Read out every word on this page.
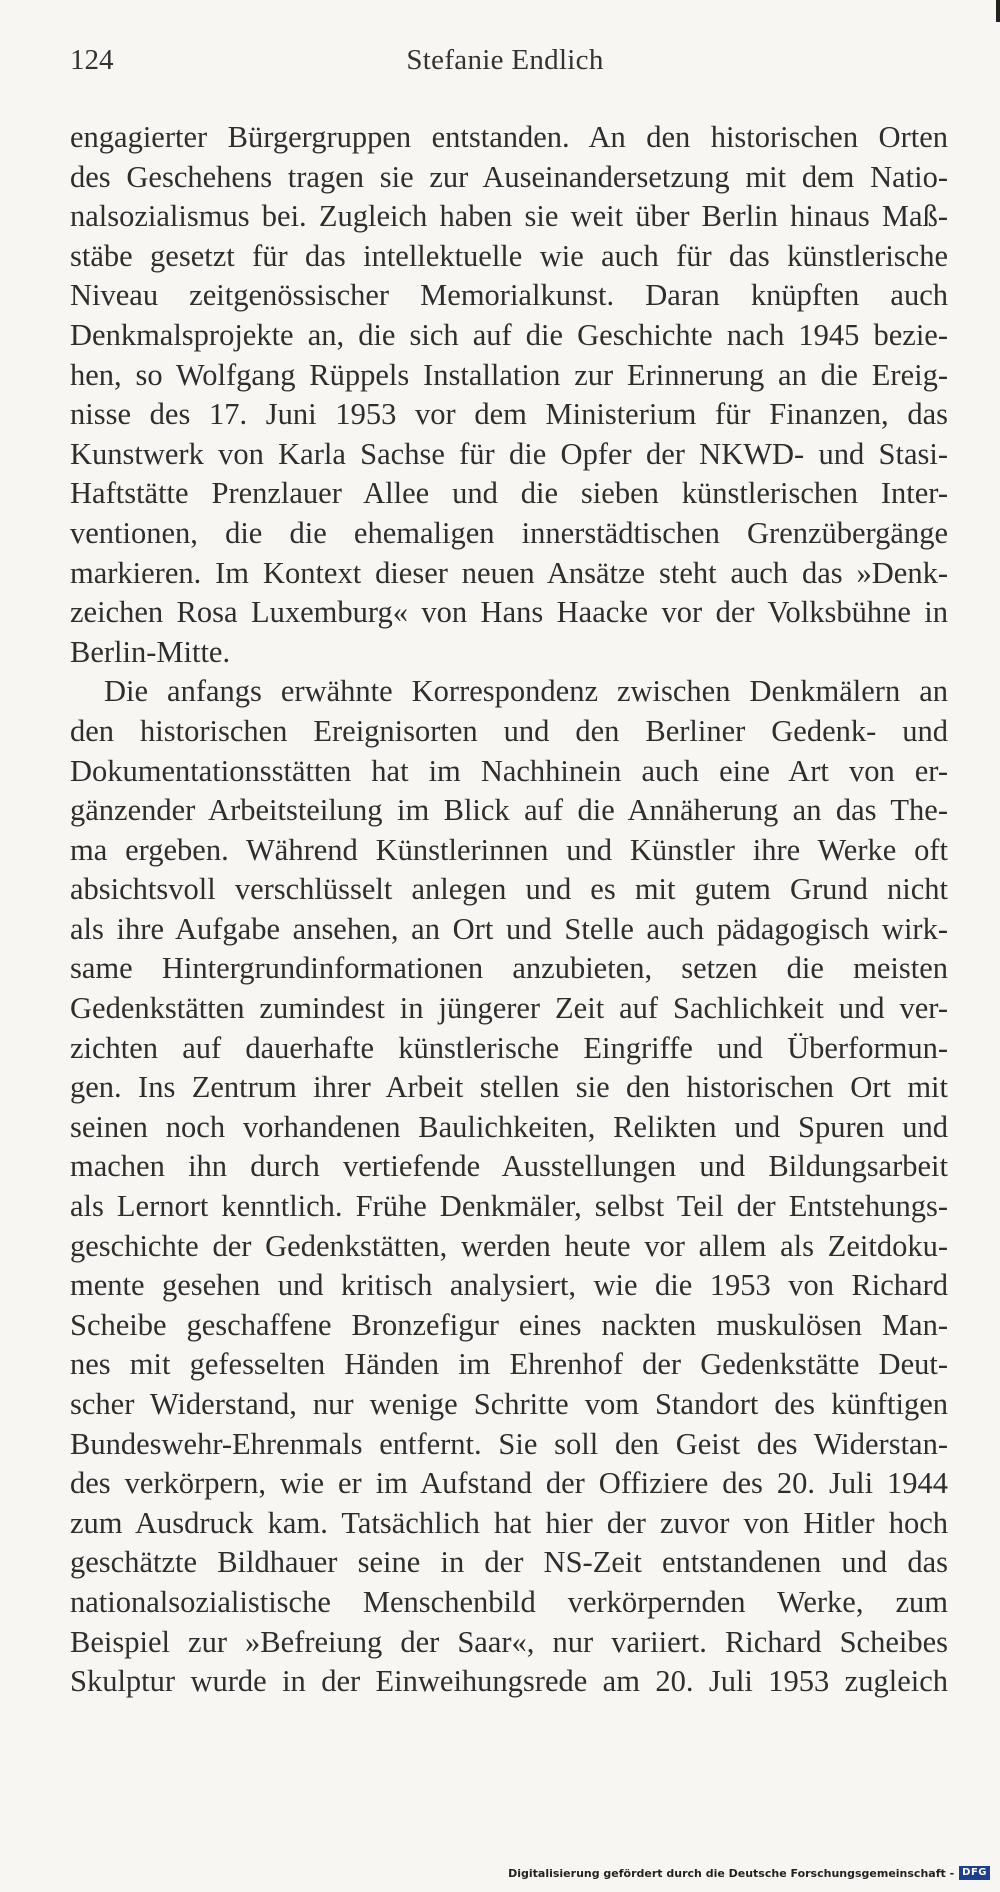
124	Stefanie Endlich
engagierter Bürgergruppen entstanden. An den historischen Orten
des Geschehens tragen sie zur Auseinandersetzung mit dem Natio-
nalsozialismus bei. Zugleich haben sie weit über Berlin hinaus Maß-
stäbe gesetzt für das intellektuelle wie auch für das künstlerische
Niveau zeitgenössischer Memorialkunst. Daran knüpften auch
Denkmalsprojekte an, die sich auf die Geschichte nach 1945 bezie-
hen, so Wolfgang Rüppels Installation zur Erinnerung an die Ereig-
nisse des 17. Juni 1953 vor dem Ministerium für Finanzen, das
Kunstwerk von Karla Sachse für die Opfer der NKWD- und Stasi-
Haftstätte Prenzlauer Allee und die sieben künstlerischen Inter-
ventionen, die die ehemaligen innerstädtischen Grenzübergänge
markieren. Im Kontext dieser neuen Ansätze steht auch das »Denk-
zeichen Rosa Luxemburg« von Hans Haacke vor der Volksbühne in
Berlin-Mitte.
Die anfangs erwähnte Korrespondenz zwischen Denkmälern an
den historischen Ereignisorten und den Berliner Gedenk- und
Dokumentationsstätten hat im Nachhinein auch eine Art von er-
gänzender Arbeitsteilung im Blick auf die Annäherung an das The-
ma ergeben. Während Künstlerinnen und Künstler ihre Werke oft
absichtsvoll verschlüsselt anlegen und es mit gutem Grund nicht
als ihre Aufgabe ansehen, an Ort und Stelle auch pädagogisch wirk-
same Hintergrundinformationen anzubieten, setzen die meisten
Gedenkstätten zumindest in jüngerer Zeit auf Sachlichkeit und ver-
zichten auf dauerhafte künstlerische Eingriffe und Überformun-
gen. Ins Zentrum ihrer Arbeit stellen sie den historischen Ort mit
seinen noch vorhandenen Baulichkeiten, Relikten und Spuren und
machen ihn durch vertiefende Ausstellungen und Bildungsarbeit
als Lernort kenntlich. Frühe Denkmäler, selbst Teil der Entstehungs-
geschichte der Gedenkstätten, werden heute vor allem als Zeitdoku-
mente gesehen und kritisch analysiert, wie die 1953 von Richard
Scheibe geschaffene Bronzefigur eines nackten muskulösen Man-
nes mit gefesselten Händen im Ehrenhof der Gedenkstätte Deut-
scher Widerstand, nur wenige Schritte vom Standort des künftigen
Bundeswehr-Ehrenmals entfernt. Sie soll den Geist des Widerstan-
des verkörpern, wie er im Aufstand der Offiziere des 20. Juli 1944
zum Ausdruck kam. Tatsächlich hat hier der zuvor von Hitler hoch
geschätzte Bildhauer seine in der NS-Zeit entstandenen und das
nationalsozialistische Menschenbild verkörpernden Werke, zum
Beispiel zur »Befreiung der Saar«, nur variiert. Richard Scheibes
Skulptur wurde in der Einweihungsrede am 20. Juli 1953 zugleich
Digitalisierung gefördert durch die Deutsche Forschungsgemeinschaft - DFG
